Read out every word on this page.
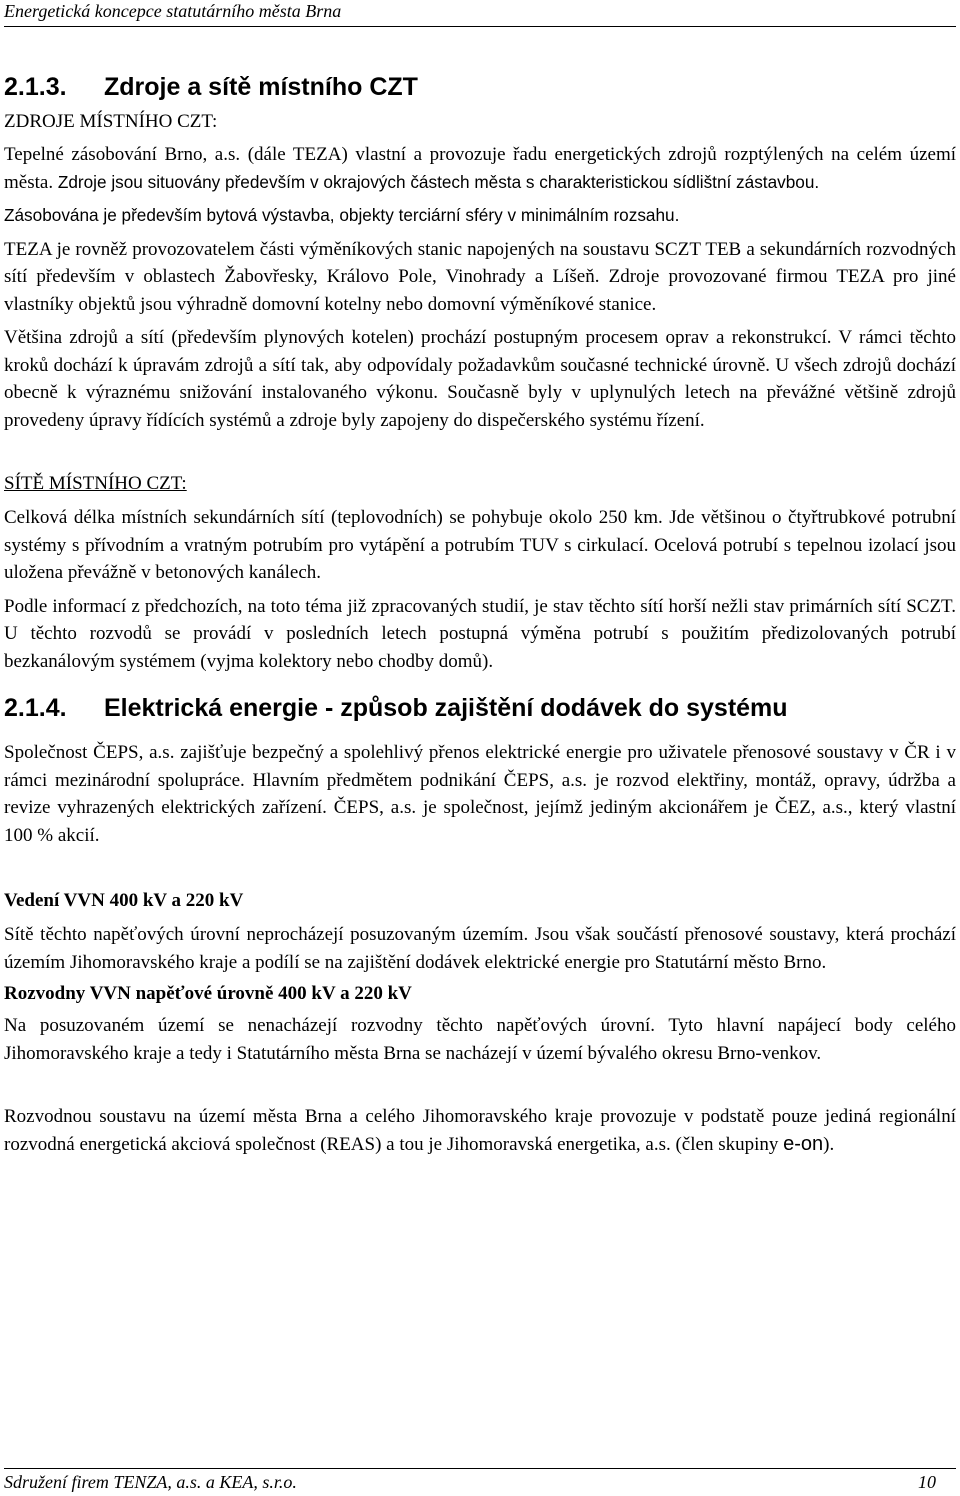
Energetická koncepce statutárního města Brna
2.1.3. Zdroje a sítě místního CZT
ZDROJE MÍSTNÍHO CZT:

Tepelné zásobování Brno, a.s. (dále TEZA) vlastní a provozuje řadu energetických zdrojů rozptýlených na celém území města. Zdroje jsou situovány především v okrajových částech města s charakteristickou sídlištní zástavbou.

Zásobována je především bytová výstavba, objekty terciární sféry v minimálním rozsahu.

TEZA je rovněž provozovatelem části výměníkových stanic napojených na soustavu SCZT TEB a sekundárních rozvodných sítí především v oblastech Žabovřesky, Královo Pole, Vinohrady a Líšeň. Zdroje provozované firmou TEZA pro jiné vlastníky objektů jsou výhradně domovní kotelny nebo domovní výměníkové stanice.

Většina zdrojů a sítí (především plynových kotelen) prochází postupným procesem oprav a rekonstrukcí. V rámci těchto kroků dochází k úpravám zdrojů a sítí tak, aby odpovídaly požadavkům současné technické úrovně. U všech zdrojů dochází obecně k výraznému snižování instalovaného výkonu. Současně byly v uplynulých letech na převážné většině zdrojů provedeny úpravy řídících systémů a zdroje byly zapojeny do dispečerského systému řízení.

SÍTĚ MÍSTNÍHO CZT:

Celková délka místních sekundárních sítí (teplovodních) se pohybuje okolo 250 km. Jde většinou o čtyřtrubkové potrubní systémy s přívodním a vratným potrubím pro vytápění a potrubím TUV s cirkulací. Ocelová potrubí s tepelnou izolací jsou uložena převážně v betonových kanálech.

Podle informací z předchozích, na toto téma již zpracovaných studií, je stav těchto sítí horší nežli stav primárních sítí SCZT. U těchto rozvodů se provádí v posledních letech postupná výměna potrubí s použitím předizolovaných potrubí bezkanálovým systémem (vyjma kolektory nebo chodby domů).

2.1.4. Elektrická energie - způsob zajištění dodávek do systému

Společnost ČEPS, a.s. zajišťuje bezpečný a spolehlivý přenos elektrické energie pro uživatele přenosové soustavy v ČR i v rámci mezinárodní spolupráce. Hlavním předmětem podnikání ČEPS, a.s. je rozvod elektřiny, montáž, opravy, údržba a revize vyhrazených elektrických zařízení. ČEPS, a.s. je společnost, jejímž jediným akcionářem je ČEZ, a.s., který vlastní 100 % akcií.

Vedení VVN 400 kV a 220 kV

Sítě těchto napěťových úrovní neprocházejí posuzovaným územím. Jsou však součástí přenosové soustavy, která prochází územím Jihomoravského kraje a podílí se na zajištění dodávek elektrické energie pro Statutární město Brno.

Rozvodny VVN napěťové úrovně 400 kV a 220 kV

Na posuzovaném území se nenacházejí rozvodny těchto napěťových úrovní. Tyto hlavní napájecí body celého Jihomoravského kraje a tedy i Statutárního města Brna se nacházejí v území bývalého okresu Brno-venkov.

Rozvodnou soustavu na území města Brna a celého Jihomoravského kraje provozuje v podstatě pouze jediná regionální rozvodná energetická akciová společnost (REAS) a tou je Jihomoravská energetika, a.s. (člen skupiny e-on).

Sdružení firem TENZA, a.s. a KEA, s.r.o.	10
